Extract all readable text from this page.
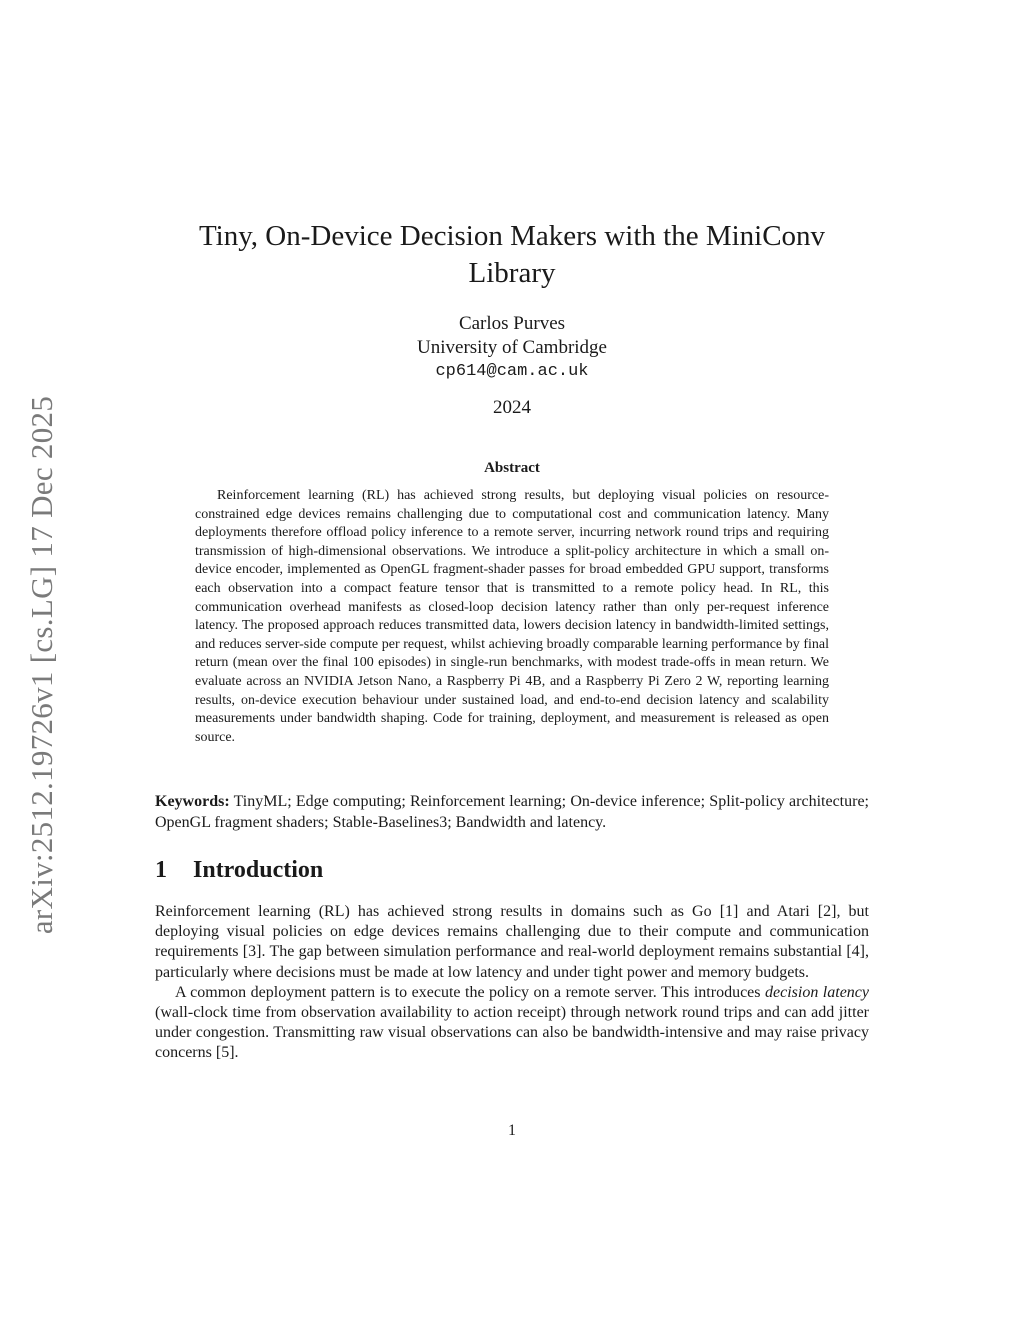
arXiv:2512.19726v1 [cs.LG] 17 Dec 2025
Tiny, On-Device Decision Makers with the MiniConv Library
Carlos Purves
University of Cambridge
cp614@cam.ac.uk
2024
Abstract

Reinforcement learning (RL) has achieved strong results, but deploying visual policies on resource-constrained edge devices remains challenging due to computational cost and communication latency. Many deployments therefore offload policy inference to a remote server, incurring network round trips and requiring transmission of high-dimensional observations. We introduce a split-policy architecture in which a small on-device encoder, implemented as OpenGL fragment-shader passes for broad embedded GPU support, transforms each observation into a compact feature tensor that is transmitted to a remote policy head. In RL, this communication overhead manifests as closed-loop decision latency rather than only per-request inference latency. The proposed approach reduces transmitted data, lowers decision latency in bandwidth-limited settings, and reduces server-side compute per request, whilst achieving broadly comparable learning performance by final return (mean over the final 100 episodes) in single-run benchmarks, with modest trade-offs in mean return. We evaluate across an NVIDIA Jetson Nano, a Raspberry Pi 4B, and a Raspberry Pi Zero 2 W, reporting learning results, on-device execution behaviour under sustained load, and end-to-end decision latency and scalability measurements under bandwidth shaping. Code for training, deployment, and measurement is released as open source.

Keywords: TinyML; Edge computing; Reinforcement learning; On-device inference; Split-policy architecture; OpenGL fragment shaders; Stable-Baselines3; Bandwidth and latency.

1 Introduction

Reinforcement learning (RL) has achieved strong results in domains such as Go [1] and Atari [2], but deploying visual policies on edge devices remains challenging due to their compute and communication requirements [3]. The gap between simulation performance and real-world deployment remains substantial [4], particularly where decisions must be made at low latency and under tight power and memory budgets.

A common deployment pattern is to execute the policy on a remote server. This introduces decision latency (wall-clock time from observation availability to action receipt) through network round trips and can add jitter under congestion. Transmitting raw visual observations can also be bandwidth-intensive and may raise privacy concerns [5].

1
